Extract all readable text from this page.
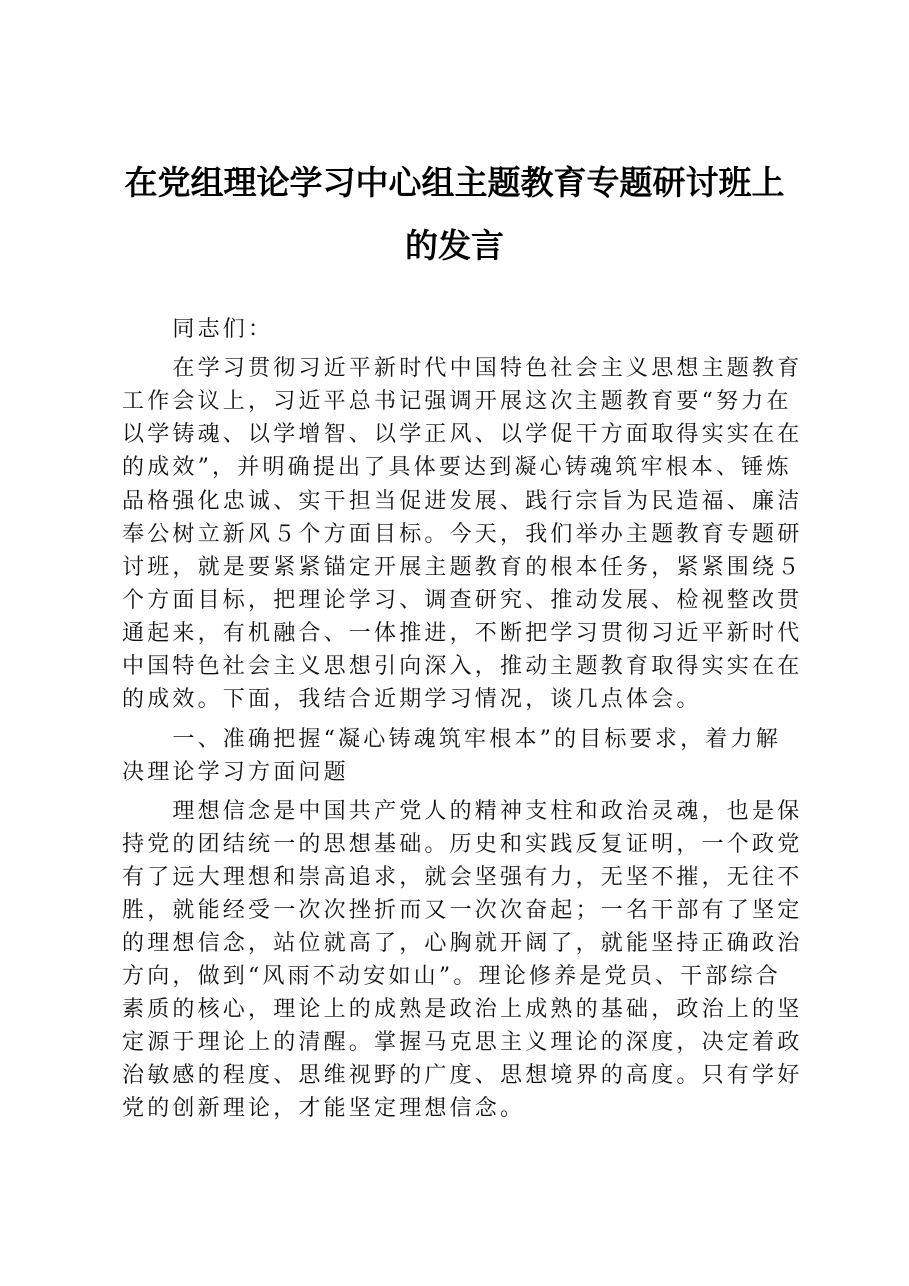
在党组理论学习中心组主题教育专题研讨班上
的发言
　　同志们：
　　在学习贯彻习近平新时代中国特色社会主义思想主题教育
工作会议上，习近平总书记强调开展这次主题教育要“努力在
以学铸魂、以学增智、以学正风、以学促干方面取得实实在在
的成效”，并明确提出了具体要达到凝心铸魂筑牢根本、锤炼
品格强化忠诚、实干担当促进发展、践行宗旨为民造福、廉洁
奉公树立新风５个方面目标。今天，我们举办主题教育专题研
讨班，就是要紧紧锚定开展主题教育的根本任务，紧紧围绕５
个方面目标，把理论学习、调查研究、推动发展、检视整改贯
通起来，有机融合、一体推进，不断把学习贯彻习近平新时代
中国特色社会主义思想引向深入，推动主题教育取得实实在在
的成效。下面，我结合近期学习情况，谈几点体会。
　　一、准确把握“凝心铸魂筑牢根本”的目标要求，着力解
决理论学习方面问题
　　理想信念是中国共产党人的精神支柱和政治灵魂，也是保
持党的团结统一的思想基础。历史和实践反复证明，一个政党
有了远大理想和崇高追求，就会坚强有力，无坚不摧，无往不
胜，就能经受一次次挫折而又一次次奋起；一名干部有了坚定
的理想信念，站位就高了，心胸就开阔了，就能坚持正确政治
方向，做到“风雨不动安如山”。理论修养是党员、干部综合
素质的核心，理论上的成熟是政治上成熟的基础，政治上的坚
定源于理论上的清醒。掌握马克思主义理论的深度，决定着政
治敏感的程度、思维视野的广度、思想境界的高度。只有学好
党的创新理论，才能坚定理想信念。
